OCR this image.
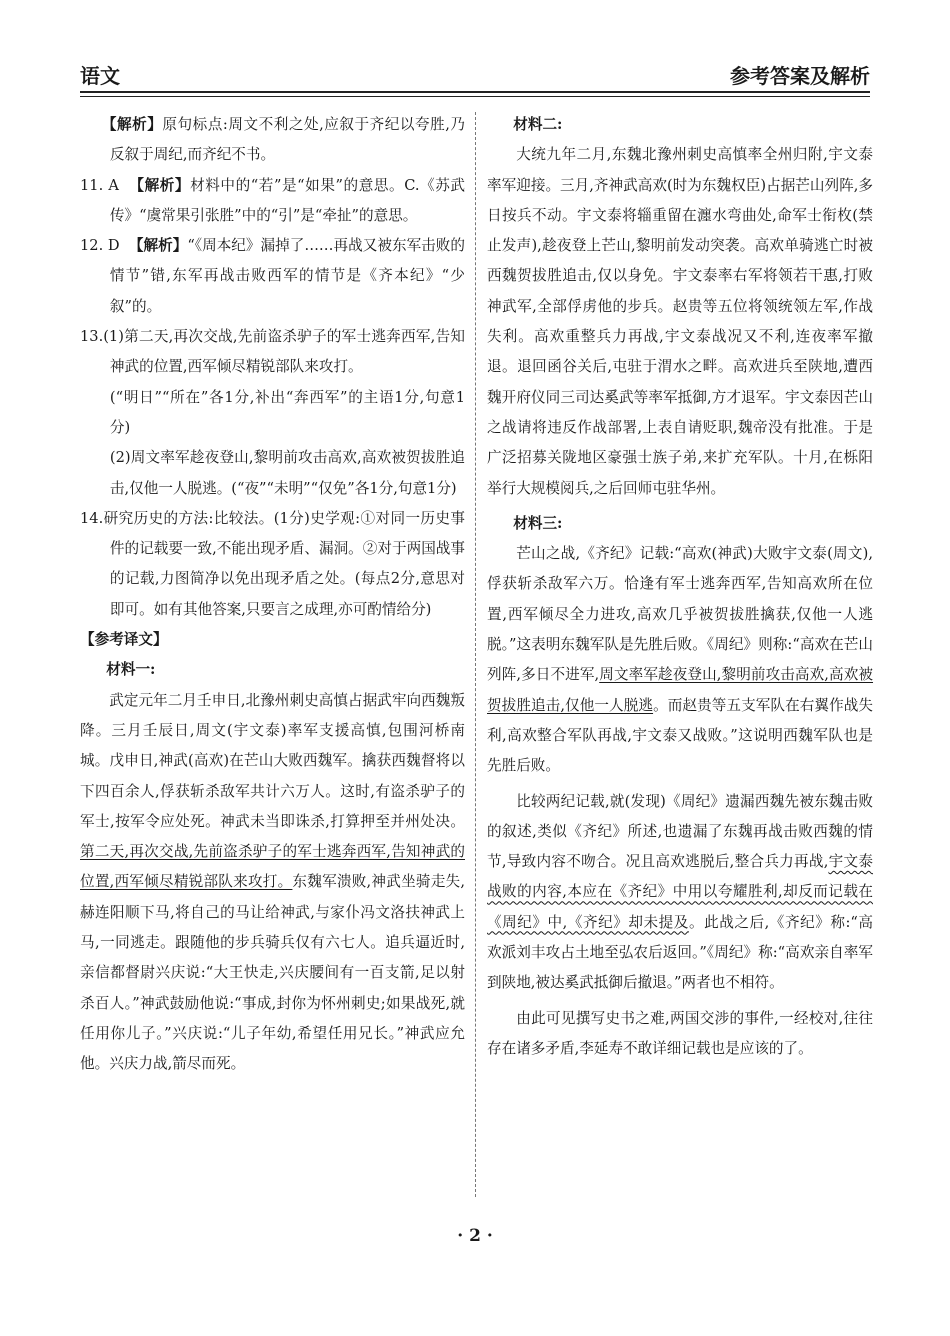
语文	参考答案及解析

【解析】原句标点:周文不利之处,应叙于齐纪以夸胜,乃反叙于周纪,而齐纪不书。

11. A 【解析】材料中的“若”是“如果”的意思。C.《苏武传》“虞常果引张胜”中的“引”是“牵扯”的意思。

12. D 【解析】“《周本纪》漏掉了……再战又被东军击败的情节”错,东军再战击败西军的情节是《齐本纪》“少叙”的。

13.(1)第二天,再次交战,先前盗杀驴子的军士逃奔西军,告知神武的位置,西军倾尽精锐部队来攻打。

(“明日”“所在”各1分,补出“奔西军”的主语1分,句意1分)

(2)周文率军趁夜登山,黎明前攻击高欢,高欢被贺拔胜追击,仅他一人脱逃。(“夜”“未明”“仅免”各1分,句意1分)

14.研究历史的方法:比较法。(1分)史学观:①对同一历史事件的记载要一致,不能出现矛盾、漏洞。②对于两国战事的记载,力图简净以免出现矛盾之处。(每点2分,意思对即可。如有其他答案,只要言之成理,亦可酌情给分)

【参考译文】

材料一:

武定元年二月壬申日,北豫州刺史高慎占据武牢向西魏叛降。三月壬辰日,周文(宇文泰)率军支援高慎,包围河桥南城。戊申日,神武(高欢)在芒山大败西魏军。擒获西魏督将以下四百余人,俘获斩杀敌军共计六万人。这时,有盗杀驴子的军士,按军令应处死。神武未当即诛杀,打算押至并州处决。第二天,再次交战,先前盗杀驴子的军士逃奔西军,告知神武的位置,西军倾尽精锐部队来攻打。东魏军溃败,神武坐骑走失,赫连阳顺下马,将自己的马让给神武,与家仆冯文洛扶神武上马,一同逃走。跟随他的步兵骑兵仅有六七人。追兵逼近时,亲信都督尉兴庆说:“大王快走,兴庆腰间有一百支箭,足以射杀百人。”神武鼓励他说:“事成,封你为怀州刺史;如果战死,就任用你儿子。”兴庆说:“儿子年幼,希望任用兄长。”神武应允他。兴庆力战,箭尽而死。

材料二:

大统九年二月,东魏北豫州刺史高慎率全州归附,宇文泰率军迎接。三月,齐神武高欢(时为东魏权臣)占据芒山列阵,多日按兵不动。宇文泰将辎重留在瀍水弯曲处,命军士衔枚(禁止发声),趁夜登上芒山,黎明前发动突袭。高欢单骑逃亡时被西魏贺拔胜追击,仅以身免。宇文泰率右军将领若干惠,打败神武军,全部俘虏他的步兵。赵贵等五位将领统领左军,作战失利。高欢重整兵力再战,宇文泰战况又不利,连夜率军撤退。退回函谷关后,屯驻于渭水之畔。高欢进兵至陕地,遭西魏开府仪同三司达奚武等率军抵御,方才退军。宇文泰因芒山之战请将违反作战部署,上表自请贬职,魏帝没有批准。于是广泛招募关陇地区豪强士族子弟,来扩充军队。十月,在栎阳举行大规模阅兵,之后回师屯驻华州。

材料三:

芒山之战,《齐纪》记载:“高欢(神武)大败宇文泰(周文),俘获斩杀敌军六万。恰逢有军士逃奔西军,告知高欢所在位置,西军倾尽全力进攻,高欢几乎被贺拔胜擒获,仅他一人逃脱。”这表明东魏军队是先胜后败。《周纪》则称:“高欢在芒山列阵,多日不进军,周文率军趁夜登山,黎明前攻击高欢,高欢被贺拔胜追击,仅他一人脱逃。而赵贵等五支军队在右翼作战失利,高欢整合军队再战,宇文泰又战败。”这说明西魏军队也是先胜后败。

比较两纪记载,就(发现)《周纪》遗漏西魏先被东魏击败的叙述,类似《齐纪》所述,也遗漏了东魏再战击败西魏的情节,导致内容不吻合。况且高欢逃脱后,整合兵力再战,宇文泰战败的内容,本应在《齐纪》中用以夸耀胜利,却反而记载在《周纪》中,《齐纪》却未提及。此战之后,《齐纪》称:“高欢派刘丰攻占土地至弘农后返回。”《周纪》称:“高欢亲自率军到陕地,被达奚武抵御后撤退。”两者也不相符。

由此可见撰写史书之难,两国交涉的事件,一经校对,往往存在诸多矛盾,李延寿不敢详细记载也是应该的了。

· 2 ·
